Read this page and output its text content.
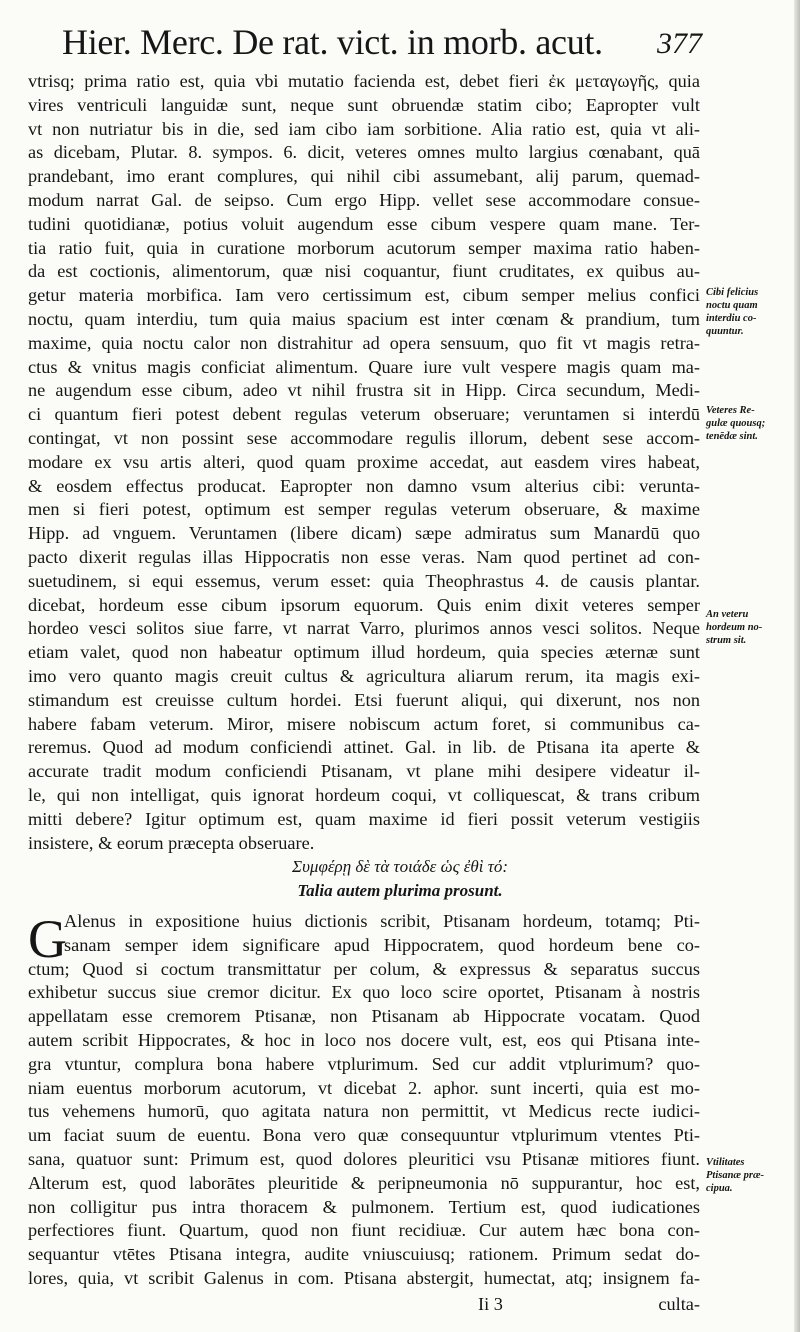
Hier. Merc. De rat. vict. in morb. acut. 377
vtrisq; prima ratio est, quia vbi mutatio facienda est, debet fieri ἐκ μεταγωγῆς, quia
vires ventriculi languidæ sunt, neque sunt obruendæ statim cibo; Eapropter vult
vt non nutriatur bis in die, sed iam cibo iam sorbitione. Alia ratio est, quia vt ali-
as dicebam, Plutar. 8. sympos. 6. dicit, veteres omnes multo largius cœnabant, quā
prandebant, imo erant complures, qui nihil cibi assumebant, alij parum, quemad-
modum narrat Gal. de seipso. Cum ergo Hipp. vellet sese accommodare consue-
tudini quotidianæ, potius voluit augendum esse cibum vespere quam mane. Ter-
tia ratio fuit, quia in curatione morborum acutorum semper maxima ratio haben-
da est coctionis, alimentorum, quæ nisi coquantur, fiunt cruditates, ex quibus au-
getur materia morbifica. Iam vero certissimum est, cibum semper melius confici
noctu, quam interdiu, tum quia maius spacium est inter cœnam & prandium, tum
maxime, quia noctu calor non distrahitur ad opera sensuum, quo fit vt magis retra-
ctus & vnitus magis conficiat alimentum. Quare iure vult vespere magis quam ma-
ne augendum esse cibum, adeo vt nihil frustra sit in Hipp. Circa secundum, Medi-
ci quantum fieri potest debent regulas veterum obseruare; veruntamen si interdū
contingat, vt non possint sese accommodare regulis illorum, debent sese accom-
modare ex vsu artis alteri, quod quam proxime accedat, aut easdem vires habeat,
& eosdem effectus producat. Eapropter non damno vsum alterius cibi: verunta-
men si fieri potest, optimum est semper regulas veterum obseruare, & maxime
Hipp. ad vnguem. Veruntamen (libere dicam) sæpe admiratus sum Manardū quo
pacto dixerit regulas illas Hippocratis non esse veras. Nam quod pertinet ad con-
suetudinem, si equi essemus, verum esset: quia Theophrastus 4. de causis plantar.
dicebat, hordeum esse cibum ipsorum equorum. Quis enim dixit veteres semper
hordeo vesci solitos siue farre, vt narrat Varro, plurimos annos vesci solitos. Neque
etiam valet, quod non habeatur optimum illud hordeum, quia species æternæ sunt
imo vero quanto magis creuit cultus & agricultura aliarum rerum, ita magis exi-
stimandum est creuisse cultum hordei. Etsi fuerunt aliqui, qui dixerunt, nos non
habere fabam veterum. Miror, misere nobiscum actum foret, si communibus ca-
reremus. Quod ad modum conficiendi attinet. Gal. in lib. de Ptisana ita aperte &
accurate tradit modum conficiendi Ptisanam, vt plane mihi desipere videatur il-
le, qui non intelligat, quis ignorat hordeum coqui, vt colliquescat, & trans cribum
mitti debere? Igitur optimum est, quam maxime id fieri possit veterum vestigiis
insistere, & eorum præcepta obseruare.
Συμφέρῃ δὲ τὰ τοιάδε ὡς ἐθὶ τό:
Talia autem plurima prosunt.
G
Alenus in expositione huius dictionis scribit, Ptisanam hordeum, totamq; Pti-
sanam semper idem significare apud Hippocratem, quod hordeum bene co-
ctum; Quod si coctum transmittatur per colum, & expressus & separatus succus
exhibetur succus siue cremor dicitur. Ex quo loco scire oportet, Ptisanam à nostris
appellatam esse cremorem Ptisanæ, non Ptisanam ab Hippocrate vocatam. Quod
autem scribit Hippocrates, & hoc in loco nos docere vult, est, eos qui Ptisana inte-
gra vtuntur, complura bona habere vtplurimum. Sed cur addit vtplurimum? quo-
niam euentus morborum acutorum, vt dicebat 2. aphor. sunt incerti, quia est mo-
tus vehemens humorū, quo agitata natura non permittit, vt Medicus recte iudici-
um faciat suum de euentu. Bona vero quæ consequuntur vtplurimum vtentes Pti-
sana, quatuor sunt: Primum est, quod dolores pleuritici vsu Ptisanæ mitiores fiunt.
Alterum est, quod laborātes pleuritide & peripneumonia nō suppurantur, hoc est,
non colligitur pus intra thoracem & pulmonem. Tertium est, quod iudicationes
perfectiores fiunt. Quartum, quod non fiunt recidiuæ. Cur autem hæc bona con-
sequantur vtētes Ptisana integra, audite vniuscuiusq; rationem. Primum sedat do-
lores, quia, vt scribit Galenus in com. Ptisana abstergit, humectat, atq; insignem fa-
Cibi felicius
noctu quam
interdiu co-
quuntur.
Veteres Re-
gulæ quousq;
tenēdæ sint.
An veteru
hordeum no-
strum sit.
Vtilitates
Ptisanæ præ-
cipua.
Ii 3	culta-
